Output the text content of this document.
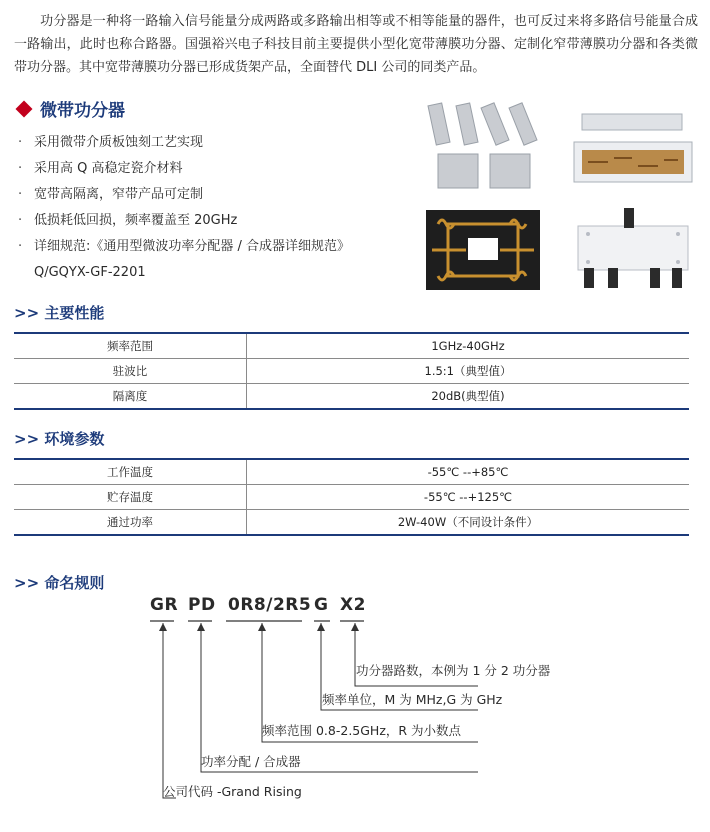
功分器是一种将一路输入信号能量分成两路或多路输出相等或不相等能量的器件，也可反过来将多路信号能量合成一路输出，此时也称合路器。国强裕兴电子科技目前主要提供小型化宽带薄膜功分器、定制化窄带薄膜功分器和各类微带功分器。其中宽带薄膜功分器已形成货架产品，全面替代 DLI 公司的同类产品。
微带功分器
· 采用微带介质板蚀刻工艺实现
· 采用高 Q 高稳定瓷介材料
· 宽带高隔离，窄带产品可定制
· 低损耗低回损，频率覆盖至 20GHz
· 详细规范:《通用型微波功率分配器 / 合成器详细规范》
Q/GQYX-GF-2201
>> 主要性能
频率范围	1GHz-40GHz
驻波比	1.5:1（典型值）
隔离度	20dB(典型值)
>> 环境参数
工作温度	-55℃ --+85℃
贮存温度	-55℃ --+125℃
通过功率	2W-40W（不同设计条件）
>> 命名规则
GR PD 0R8/2R5 G X2
功分器路数，本例为 1 分 2 功分器
频率单位，M 为 MHz,G 为 GHz
频率范围 0.8-2.5GHz，R 为小数点
功率分配 / 合成器
公司代码 -Grand Rising
